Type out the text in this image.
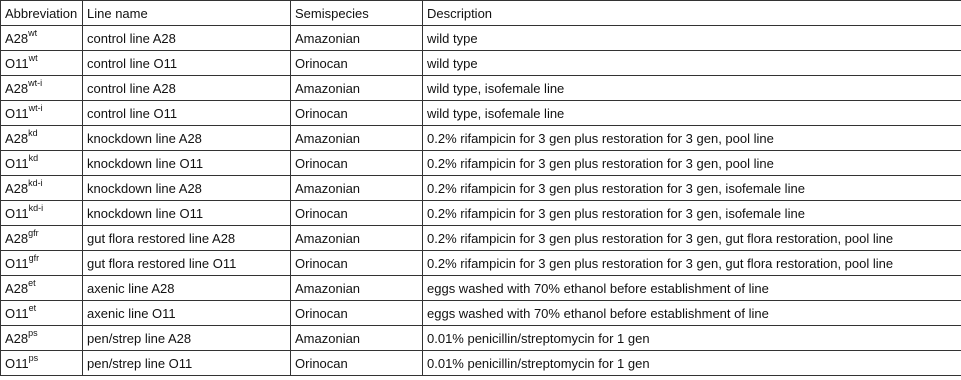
Abbreviation	Line name	Semispecies	Description
$A28^{wt}$	control line A28	Amazonian	wild type
$O11^{wt}$	control line O11	Orinocan	wild type
$A28^{wt-i}$	control line A28	Amazonian	wild type, isofemale line
$O11^{wt-i}$	control line O11	Orinocan	wild type, isofemale line
$A28^{kd}$	knockdown line A28	Amazonian	0.2% rifampicin for 3 gen plus restoration for 3 gen, pool line
$O11^{kd}$	knockdown line O11	Orinocan	0.2% rifampicin for 3 gen plus restoration for 3 gen, pool line
$A28^{kd-i}$	knockdown line A28	Amazonian	0.2% rifampicin for 3 gen plus restoration for 3 gen, isofemale line
$O11^{kd-i}$	knockdown line O11	Orinocan	0.2% rifampicin for 3 gen plus restoration for 3 gen, isofemale line
$A28^{gfr}$	gut flora restored line A28	Amazonian	0.2% rifampicin for 3 gen plus restoration for 3 gen, gut flora restoration, pool line
$O11^{gfr}$	gut flora restored line O11	Orinocan	0.2% rifampicin for 3 gen plus restoration for 3 gen, gut flora restoration, pool line
$A28^{et}$	axenic line A28	Amazonian	eggs washed with 70% ethanol before establishment of line
$O11^{et}$	axenic line O11	Orinocan	eggs washed with 70% ethanol before establishment of line
$A28^{ps}$	pen/strep line A28	Amazonian	0.01% penicillin/streptomycin for 1 gen
$O11^{ps}$	pen/strep line O11	Orinocan	0.01% penicillin/streptomycin for 1 gen
